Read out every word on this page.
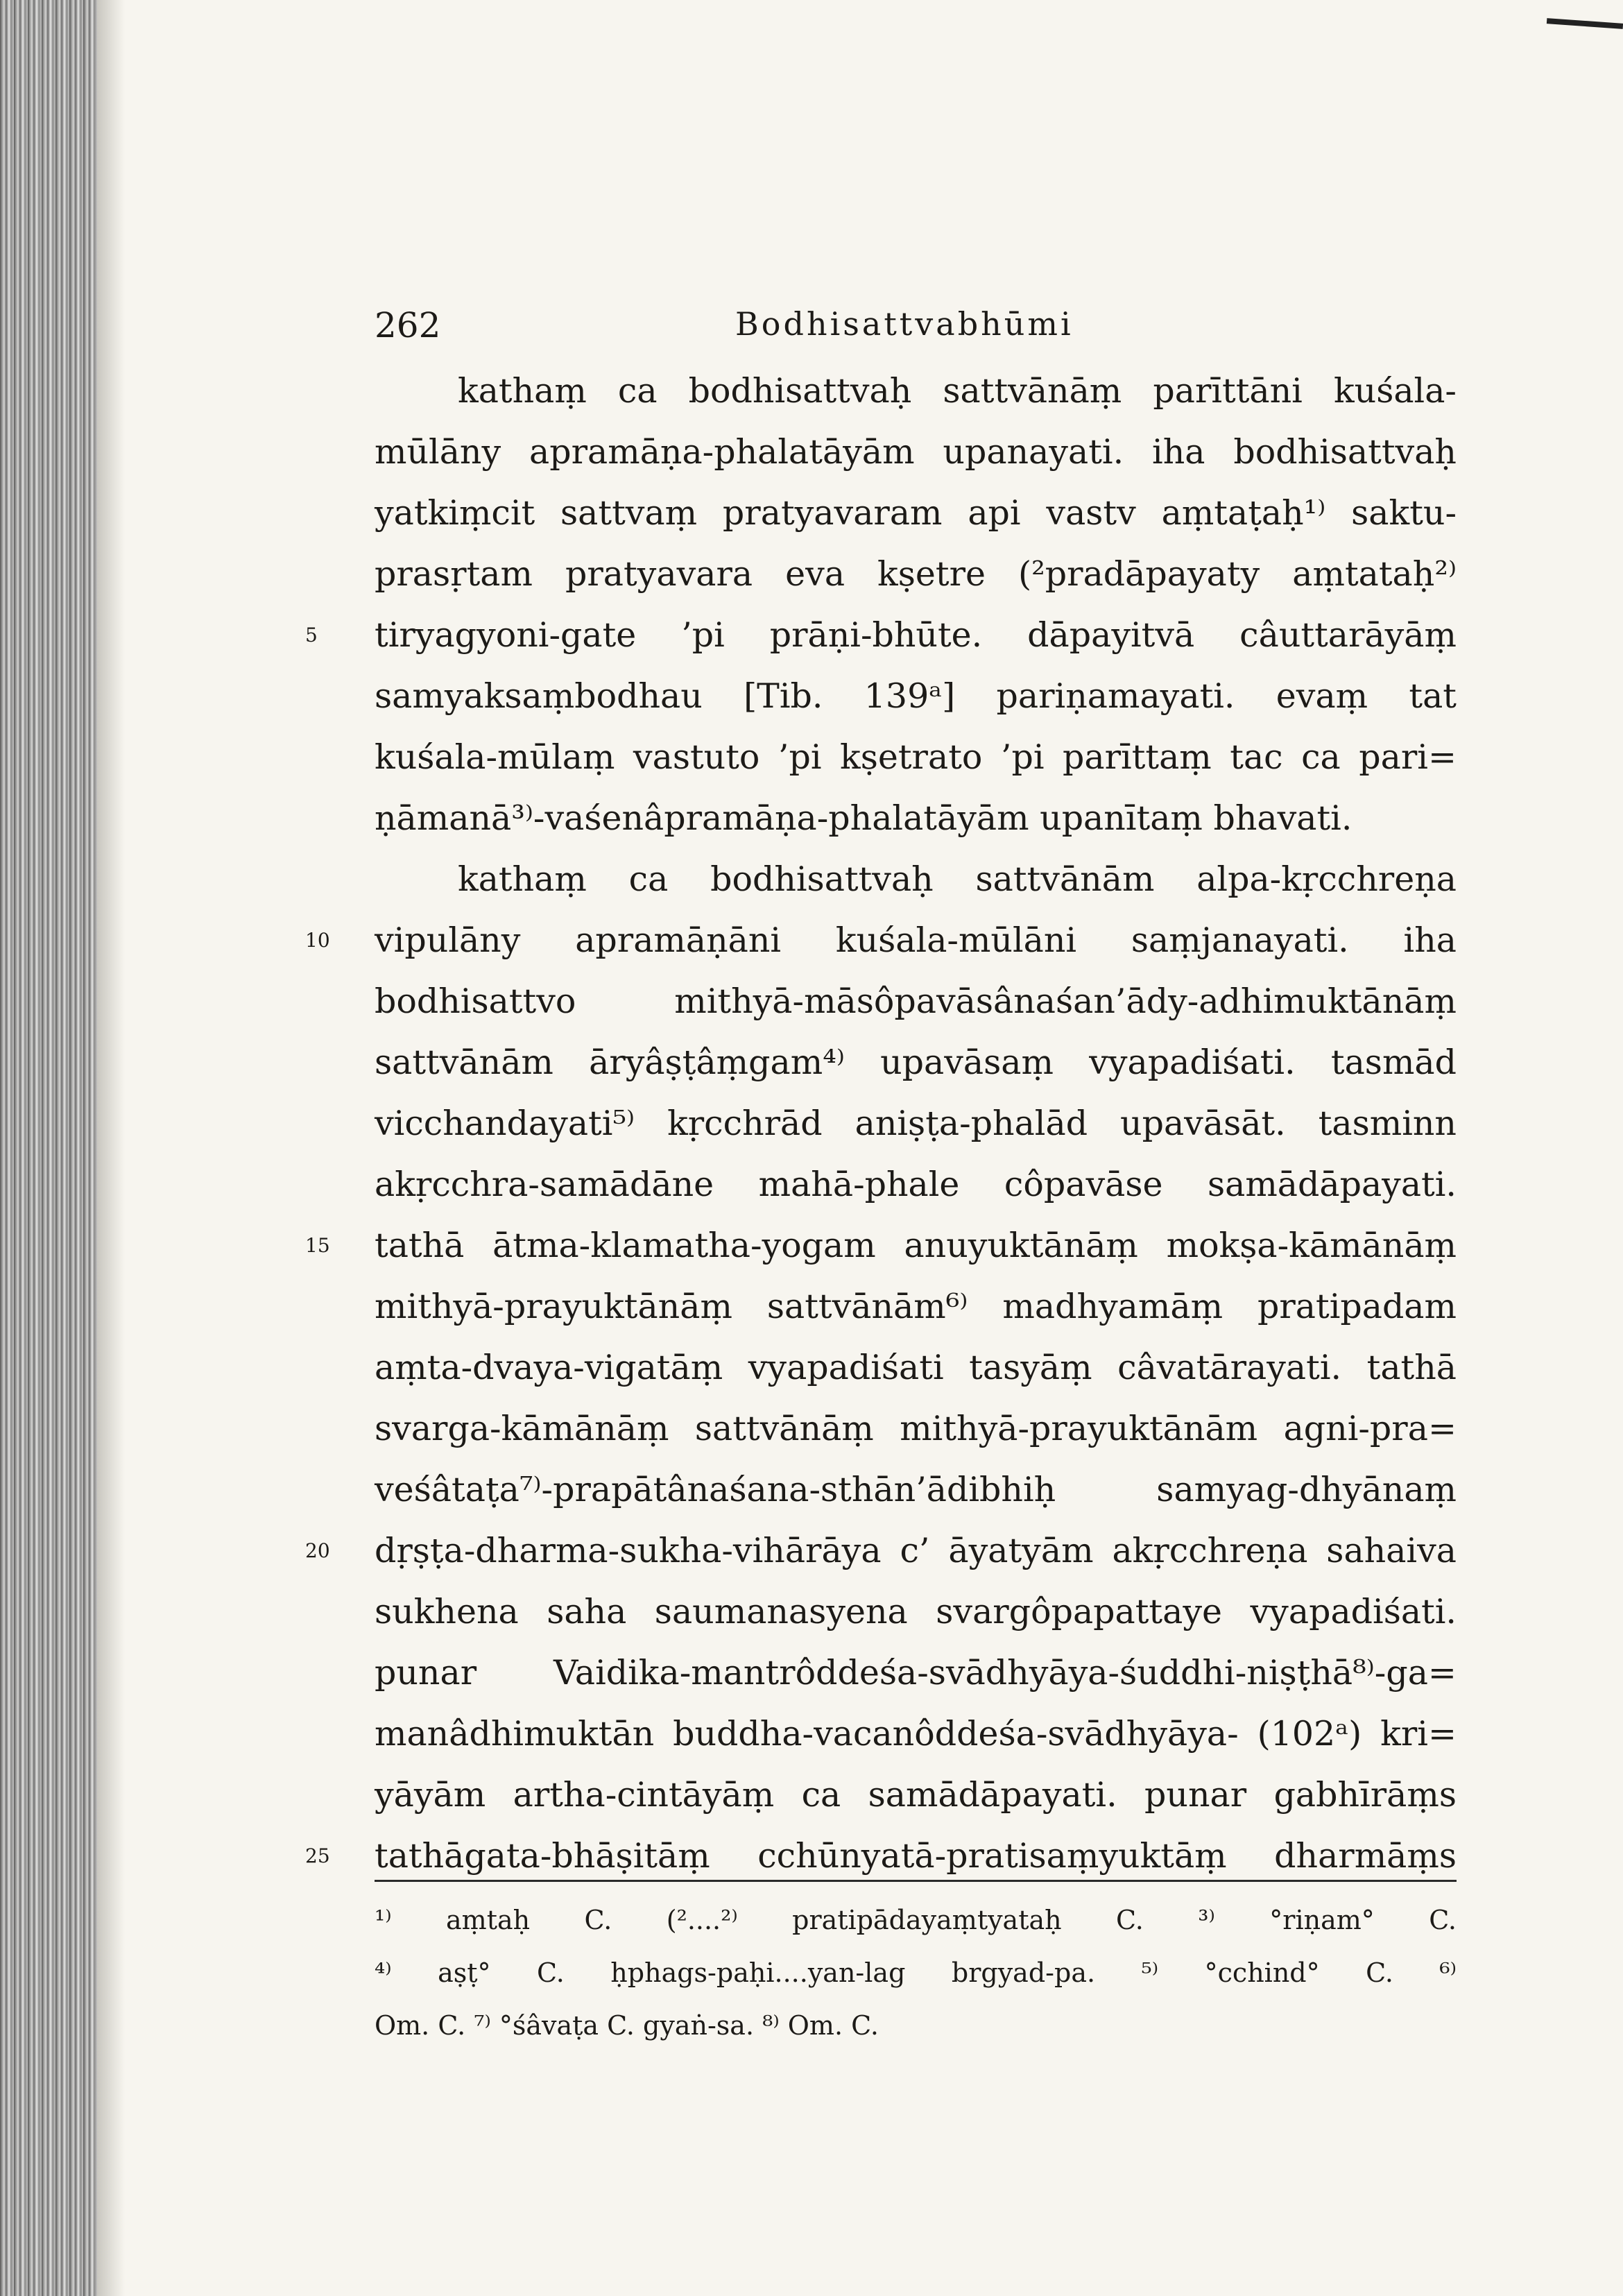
262	Bodhisattvabhūmi
kathaṃ ca bodhisattvaḥ sattvānāṃ parīttāni kuśala-
mūlāny apramāṇa-phalatāyām upanayati. iha bodhisattvaḥ
yatkiṃcit sattvaṃ pratyavaram api vastv aṃtaṭaḥ¹⁾ saktu-
prasṛtam pratyavara eva kṣetre (²pradāpayaty aṃtataḥ²⁾
5	tiryagyoni-gate ’pi prāṇi-bhūte. dāpayitvā câuttarāyāṃ
samyaksaṃbodhau [Tib. 139ᵃ] pariṇamayati. evaṃ tat
kuśala-mūlaṃ vastuto ’pi kṣetrato ’pi parīttaṃ tac ca pari=
ṇāmanā³⁾-vaśenâpramāṇa-phalatāyām upanītaṃ bhavati.
kathaṃ ca bodhisattvaḥ sattvānām alpa-kṛcchreṇa
10	vipulāny apramāṇāni kuśala-mūlāni saṃjanayati. iha
bodhisattvo mithyā-māsôpavāsânaśan’ādy-adhimuktānāṃ
sattvānām āryâṣṭâṃgam⁴⁾ upavāsaṃ vyapadiśati. tasmād
vicchandayati⁵⁾ kṛcchrād aniṣṭa-phalād upavāsāt. tasminn
akṛcchra-samādāne mahā-phale côpavāse samādāpayati.
15	tathā ātma-klamatha-yogam anuyuktānāṃ mokṣa-kāmānāṃ
mithyā-prayuktānāṃ sattvānām⁶⁾ madhyamāṃ pratipadam
aṃta-dvaya-vigatāṃ vyapadiśati tasyāṃ câvatārayati. tathā
svarga-kāmānāṃ sattvānāṃ mithyā-prayuktānām agni-pra=
veśâtaṭa⁷⁾-prapātânaśana-sthān’ādibhiḥ samyag-dhyānaṃ
20	dṛṣṭa-dharma-sukha-vihārāya c’ āyatyām akṛcchreṇa sahaiva
sukhena saha saumanasyena svargôpapattaye vyapadiśati.
punar Vaidika-mantrôddeśa-svādhyāya-śuddhi-niṣṭhā⁸⁾-ga=
manâdhimuktān buddha-vacanôddeśa-svādhyāya- (102ᵃ) kri=
yāyām artha-cintāyāṃ ca samādāpayati. punar gabhīrāṃs
25	tathāgata-bhāṣitāṃ cchūnyatā-pratisaṃyuktāṃ dharmāṃs
¹⁾ aṃtaḥ C. (²....²⁾ pratipādayaṃtyataḥ C. ³⁾ °riṇam° C.
⁴⁾ aṣṭ° C. ḥphags-paḥi....yan-lag brgyad-pa. ⁵⁾ °cchind° C. ⁶⁾
Om. C. ⁷⁾ °śâvaṭa C. gyaṅ-sa. ⁸⁾ Om. C.
